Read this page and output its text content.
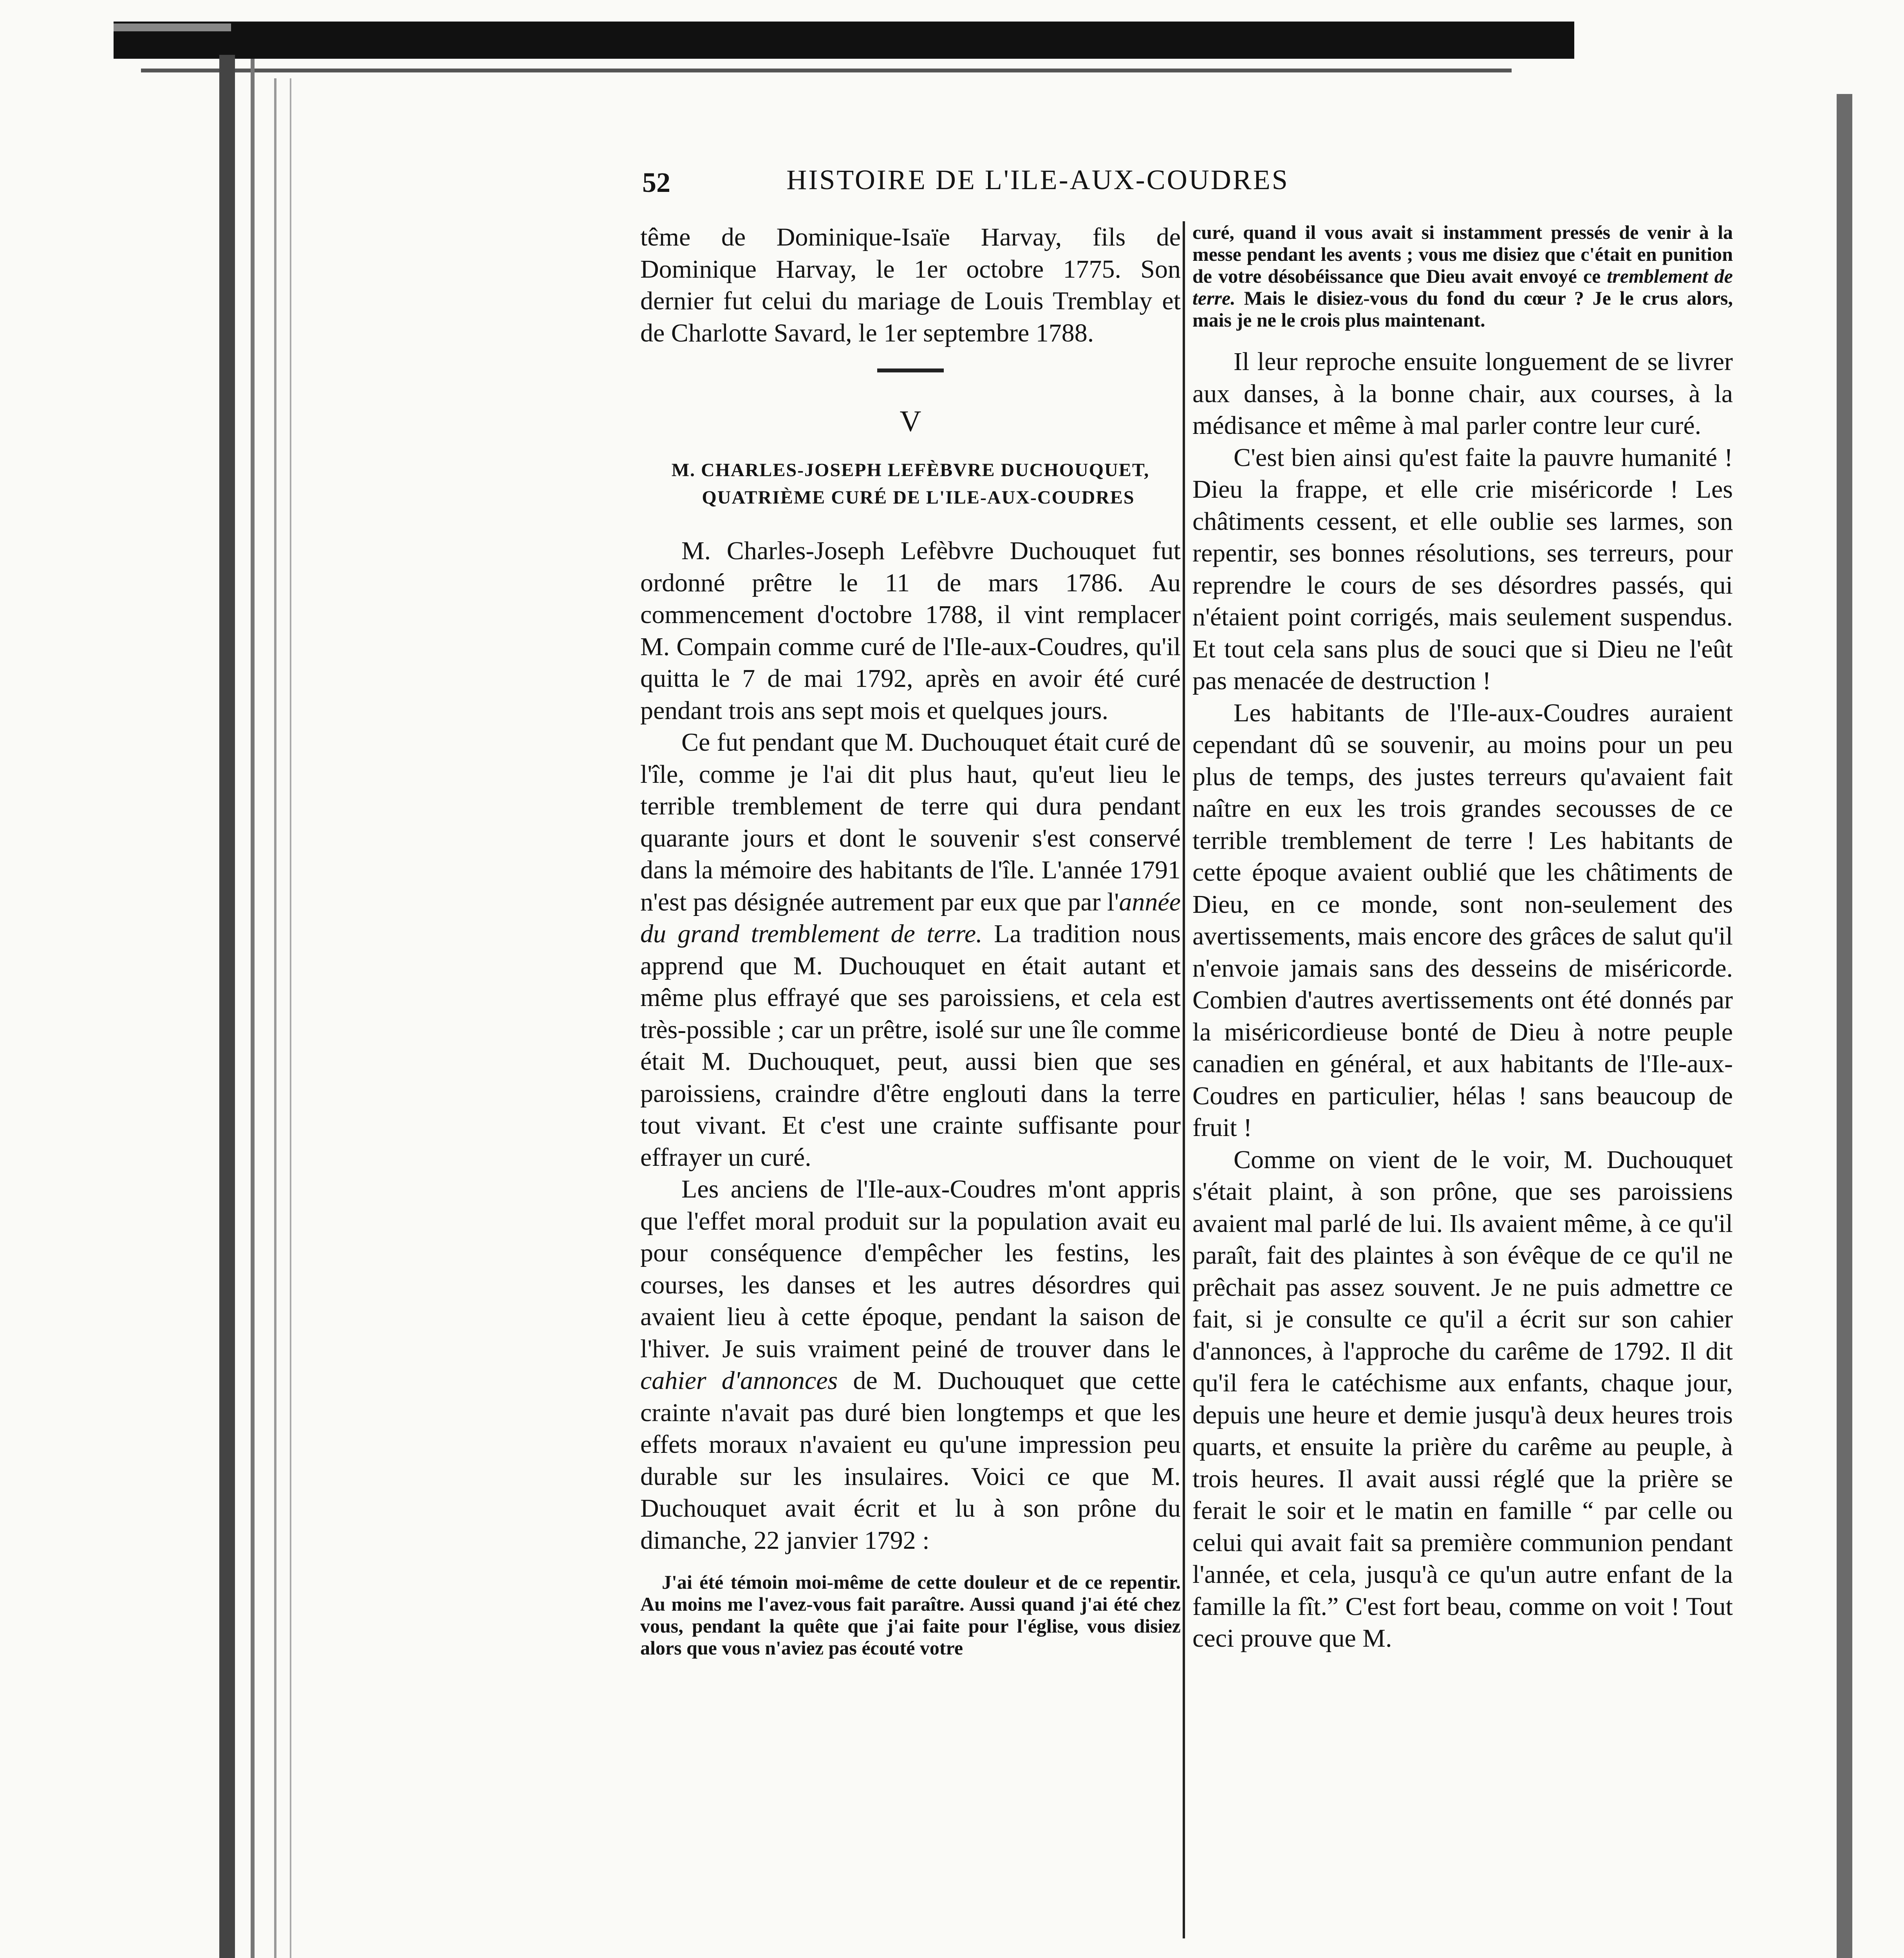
52	HISTOIRE DE L'ILE-AUX-COUDRES

tême de Dominique-Isaïe Harvay, fils de Dominique Harvay, le 1er octobre 1775. Son dernier fut celui du mariage de Louis Tremblay et de Charlotte Savard, le 1er septembre 1788.

V
M. CHARLES-JOSEPH LEFÈBVRE DUCHOUQUET,
QUATRIÈME CURÉ DE L'ILE-AUX-COUDRES

M. Charles-Joseph Lefèbvre Duchouquet fut ordonné prêtre le 11 de mars 1786. Au commencement d'octobre 1788, il vint remplacer M. Compain comme curé de l'Ile-aux-Coudres, qu'il quitta le 7 de mai 1792, après en avoir été curé pendant trois ans sept mois et quelques jours.

Ce fut pendant que M. Duchouquet était curé de l'île, comme je l'ai dit plus haut, qu'eut lieu le terrible tremblement de terre qui dura pendant quarante jours et dont le souvenir s'est conservé dans la mémoire des habitants de l'île. L'année 1791 n'est pas désignée autrement par eux que par l'année du grand tremblement de terre. La tradition nous apprend que M. Duchouquet en était autant et même plus effrayé que ses paroissiens, et cela est très-possible ; car un prêtre, isolé sur une île comme était M. Duchouquet, peut, aussi bien que ses paroissiens, craindre d'être englouti dans la terre tout vivant. Et c'est une crainte suffisante pour effrayer un curé.

Les anciens de l'Ile-aux-Coudres m'ont appris que l'effet moral produit sur la population avait eu pour conséquence d'empêcher les festins, les courses, les danses et les autres désordres qui avaient lieu à cette époque, pendant la saison de l'hiver. Je suis vraiment peiné de trouver dans le cahier d'annonces de M. Duchouquet que cette crainte n'avait pas duré bien longtemps et que les effets moraux n'avaient eu qu'une impression peu durable sur les insulaires. Voici ce que M. Duchouquet avait écrit et lu à son prône du dimanche, 22 janvier 1792 :

J'ai été témoin moi-même de cette douleur et de ce repentir. Au moins me l'avez-vous fait paraître. Aussi quand j'ai été chez vous, pendant la quête que j'ai faite pour l'église, vous disiez alors que vous n'aviez pas écouté votre

curé, quand il vous avait si instamment pressés de venir à la messe pendant les avents ; vous me disiez que c'était en punition de votre désobéissance que Dieu avait envoyé ce tremblement de terre. Mais le disiez-vous du fond du cœur ? Je le crus alors, mais je ne le crois plus maintenant.

Il leur reproche ensuite longuement de se livrer aux danses, à la bonne chair, aux courses, à la médisance et même à mal parler contre leur curé.

C'est bien ainsi qu'est faite la pauvre humanité ! Dieu la frappe, et elle crie miséricorde ! Les châtiments cessent, et elle oublie ses larmes, son repentir, ses bonnes résolutions, ses terreurs, pour reprendre le cours de ses désordres passés, qui n'étaient point corrigés, mais seulement suspendus. Et tout cela sans plus de souci que si Dieu ne l'eût pas menacée de destruction !

Les habitants de l'Ile-aux-Coudres auraient cependant dû se souvenir, au moins pour un peu plus de temps, des justes terreurs qu'avaient fait naître en eux les trois grandes secousses de ce terrible tremblement de terre ! Les habitants de cette époque avaient oublié que les châtiments de Dieu, en ce monde, sont non-seulement des avertissements, mais encore des grâces de salut qu'il n'envoie jamais sans des desseins de miséricorde. Combien d'autres avertissements ont été donnés par la miséricordieuse bonté de Dieu à notre peuple canadien en général, et aux habitants de l'Ile-aux-Coudres en particulier, hélas ! sans beaucoup de fruit !

Comme on vient de le voir, M. Duchouquet s'était plaint, à son prône, que ses paroissiens avaient mal parlé de lui. Ils avaient même, à ce qu'il paraît, fait des plaintes à son évêque de ce qu'il ne prêchait pas assez souvent. Je ne puis admettre ce fait, si je consulte ce qu'il a écrit sur son cahier d'annonces, à l'approche du carême de 1792. Il dit qu'il fera le catéchisme aux enfants, chaque jour, depuis une heure et demie jusqu'à deux heures trois quarts, et ensuite la prière du carême au peuple, à trois heures. Il avait aussi réglé que la prière se ferait le soir et le matin en famille “ par celle ou celui qui avait fait sa première communion pendant l'année, et cela, jusqu'à ce qu'un autre enfant de la famille la fît.” C'est fort beau, comme on voit ! Tout ceci prouve que M.
